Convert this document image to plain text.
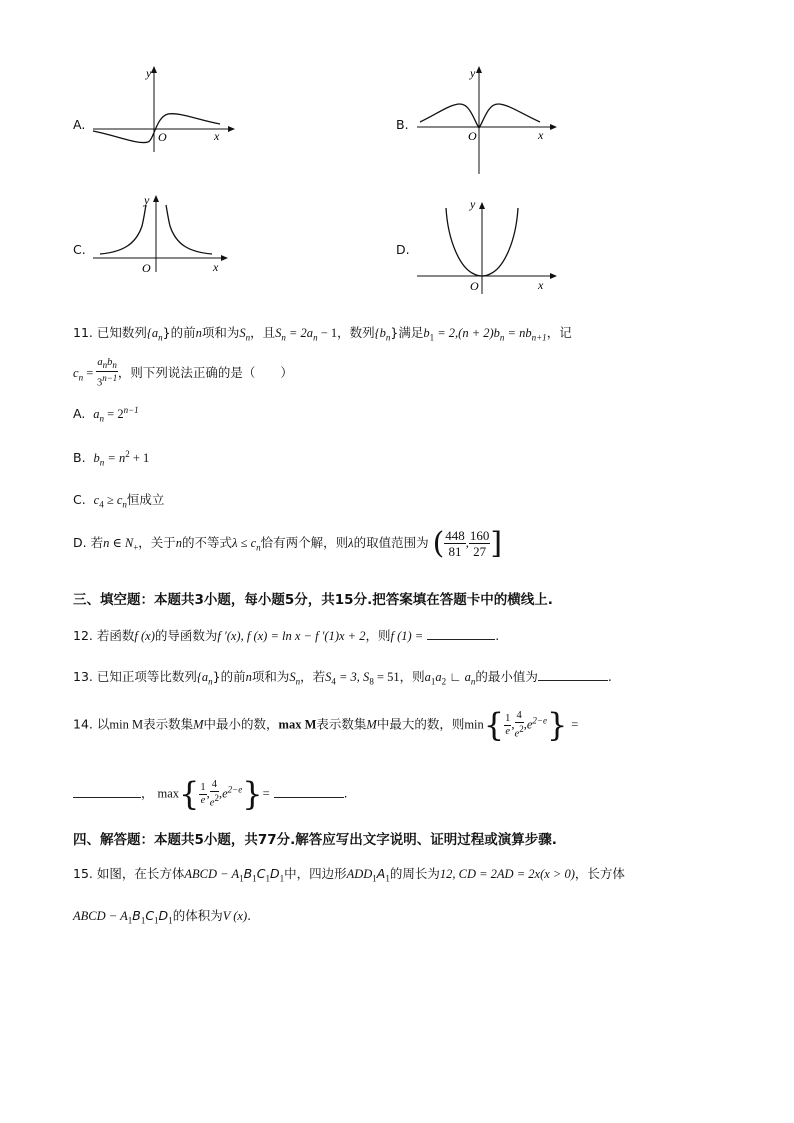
A.
y
O	x
B.
y
O	x
C.
y
O	x
D.
y
O	x
11. 已知数列$\{a_n\}$的前n项和为$S_n$，且$S_n = 2a_n - 1$，数列$\{b_n\}$满足$b_1 = 2,(n + 2)b_n = nb_{n+1}$，记
$c_n = \frac{a_nb_n}{3^{n-1}}$ ，则下列说法正确的是（　　）
A. $a_n = 2^{n-1}$
B. $b_n = n^2 + 1$
C. $c_4 \ge c_n$恒成立
D. 若n ∈ $N_+$，关于n的不等式$\lambda \le c_n$恰有两个解，则λ的取值范围为 ( $\frac{448}{81}$ , $\frac{160}{27}$ ]
三、填空题：本题共3小题，每小题5分，共15分.把答案填在答题卡中的横线上.
12. 若函数f (x)的导函数为f ′(x), f (x) = ln x − f ′(1)x + 2，则f (1) =	.
13. 已知正项等比数列$\{a_n\}$的前n项和为$S_n$，若$S_4 = 3$, $S_8 = 51$，则$a_1a_2$ ∟ $a_n$的最小值为	.
14. 以min M表示数集M中最小的数，max M表示数集M中最大的数，则$\min\{ \frac{1}{e}$ , $\frac{4}{e^2} ,e^{2-e}$} =
， $\max\{ \frac{1}{e}$ , $\frac{4}{e^2} ,e^{2-e}\}=$	.
四、解答题：本题共5小题，共77分.解答应写出文字说明、证明过程或演算步骤.
15. 如图，在长方体ABCD − $A_1B_1C_1D_1$中，四边形$ADD_1A_1$的周长为12, CD = 2AD = 2x(x > 0)，长方体
ABCD − $A_1B_1C_1D_1$的体积为V (x).
